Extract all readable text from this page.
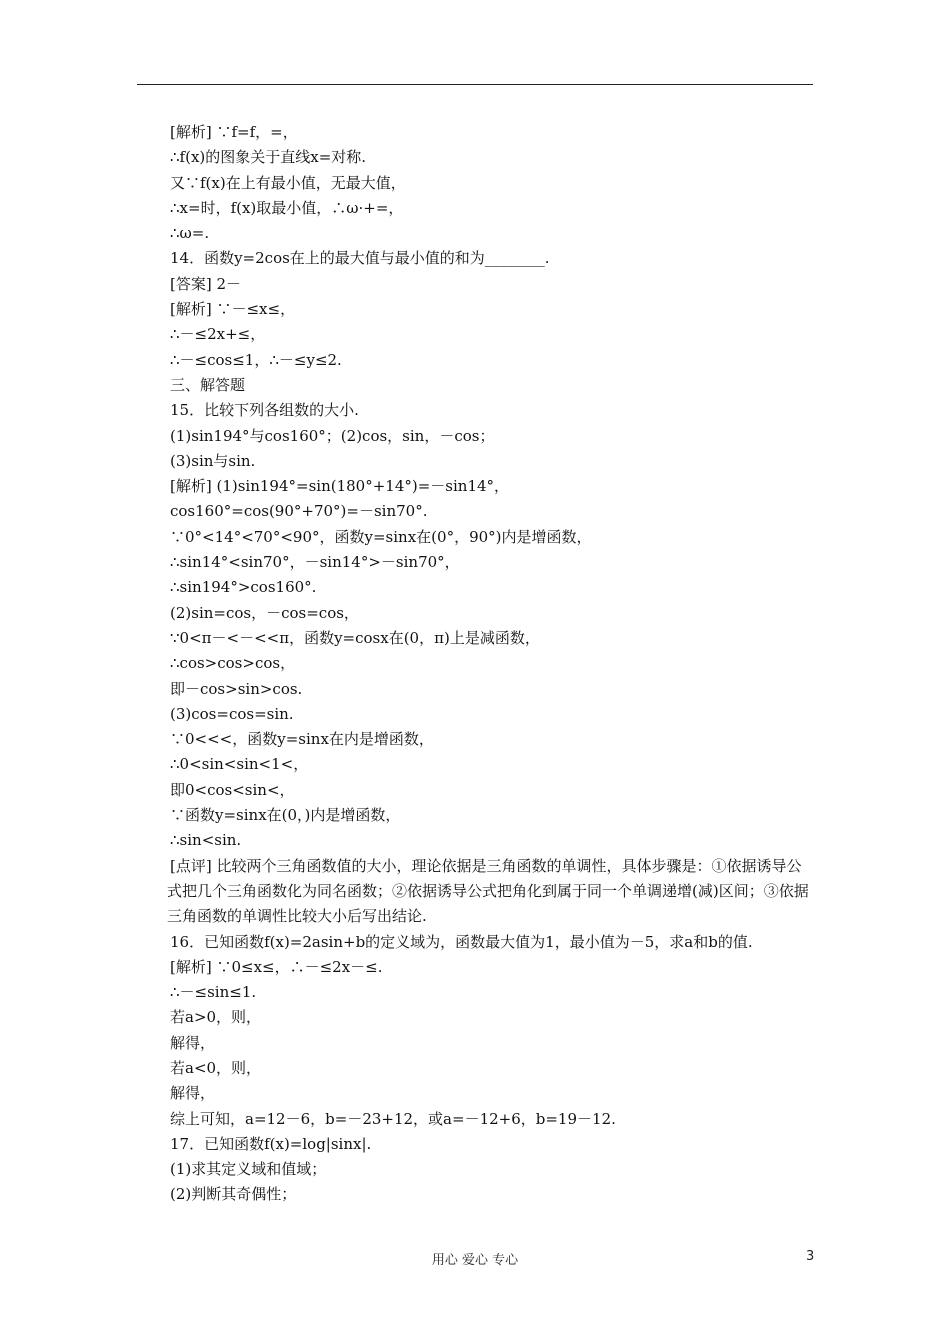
[解析] ∵f=f，=，
∴f(x)的图象关于直线x=对称.
又∵f(x)在上有最小值，无最大值，
∴x=时，f(x)取最小值，∴ω·+=，
∴ω=.
14．函数y=2cos在上的最大值与最小值的和为________.
[答案] 2－
[解析] ∵－≤x≤，
∴－≤2x+≤，
∴－≤cos≤1，∴－≤y≤2.
三、解答题
15．比较下列各组数的大小.
(1)sin194°与cos160°；(2)cos，sin，－cos；
(3)sin与sin.
[解析] (1)sin194°=sin(180°+14°)=－sin14°，
cos160°=cos(90°+70°)=－sin70°.
∵0°<14°<70°<90°，函数y=sinx在(0°，90°)内是增函数，
∴sin14°<sin70°，－sin14°>－sin70°，
∴sin194°>cos160°.
(2)sin=cos，－cos=cos，
∵0<π－<－<<π，函数y=cosx在(0，π)上是减函数，
∴cos>cos>cos，
即－cos>sin>cos.
(3)cos=cos=sin.
∵0<<<，函数y=sinx在内是增函数，
∴0<sin<sin<1<，
即0<cos<sin<，
∵函数y=sinx在(0，)内是增函数，
∴sin<sin.
[点评] 比较两个三角函数值的大小，理论依据是三角函数的单调性，具体步骤是：①依据诱导公式把几个三角函数化为同名函数；②依据诱导公式把角化到属于同一个单调递增(减)区间；③依据三角函数的单调性比较大小后写出结论.
16．已知函数f(x)=2asin+b的定义域为，函数最大值为1，最小值为－5，求a和b的值.
[解析] ∵0≤x≤，∴－≤2x－≤.
∴－≤sin≤1.
若a>0，则，
解得，
若a<0，则，
解得，
综上可知，a=12－6，b=－23+12，或a=－12+6，b=19－12.
17．已知函数f(x)=log|sinx|.
(1)求其定义域和值域；
(2)判断其奇偶性；
用心 爱心 专心	3
